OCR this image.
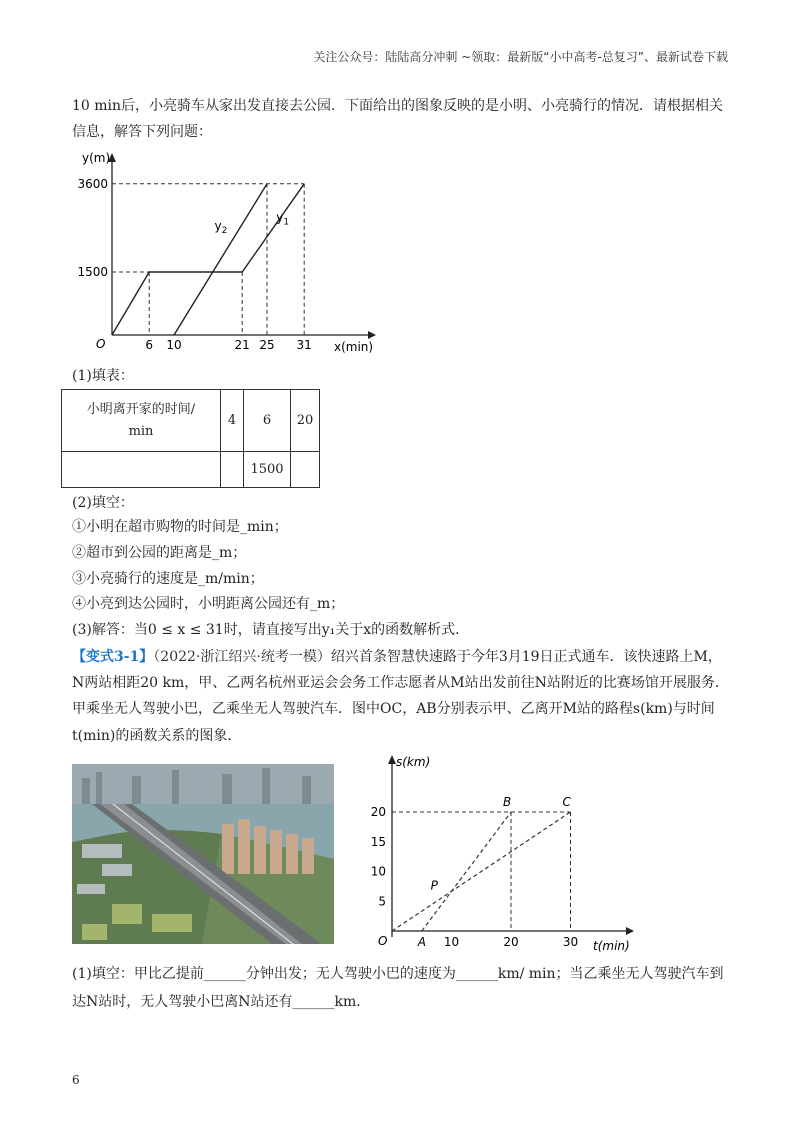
关注公众号：陆陆高分冲刺 ~领取：最新版“小中高考-总复习”、最新试卷下载
10 min后，小亮骑车从家出发直接去公园．下面给出的图象反映的是小明、小亮骑行的情况．请根据相关
信息，解答下列问题：
y(m)
x(min)
O	6 10	21 25 31
1500
3600
$y_2$
$y_1$
(1)填表：
小明离开家的时间/
min	4	6	20
		1500	
(2)填空：
①小明在超市购物的时间是_min；
②超市到公园的距离是_m；
③小亮骑行的速度是_m/min；
④小亮到达公园时，小明距离公园还有_m；
(3)解答：当0 ≤ x ≤ 31时，请直接写出y₁关于x的函数解析式．
【变式3-1】（2022·浙江绍兴·统考一模）绍兴首条智慧快速路于今年3月19日正式通车．该快速路上M，
N两站相距20 km，甲、乙两名杭州亚运会会务工作志愿者从M站出发前往N站附近的比赛场馆开展服务．
甲乘坐无人驾驶小巴，乙乘坐无人驾驶汽车．图中OC，AB分别表示甲、乙离开M站的路程s(km)与时间
t(min)的函数关系的图象．
s(km)
t(min)
O	10	20	30
5
10
15
20
A
B	C
P
(1)填空：甲比乙提前______分钟出发；无人驾驶小巴的速度为______km/ min；当乙乘坐无人驾驶汽车到
达N站时，无人驾驶小巴离N站还有______km．
6
